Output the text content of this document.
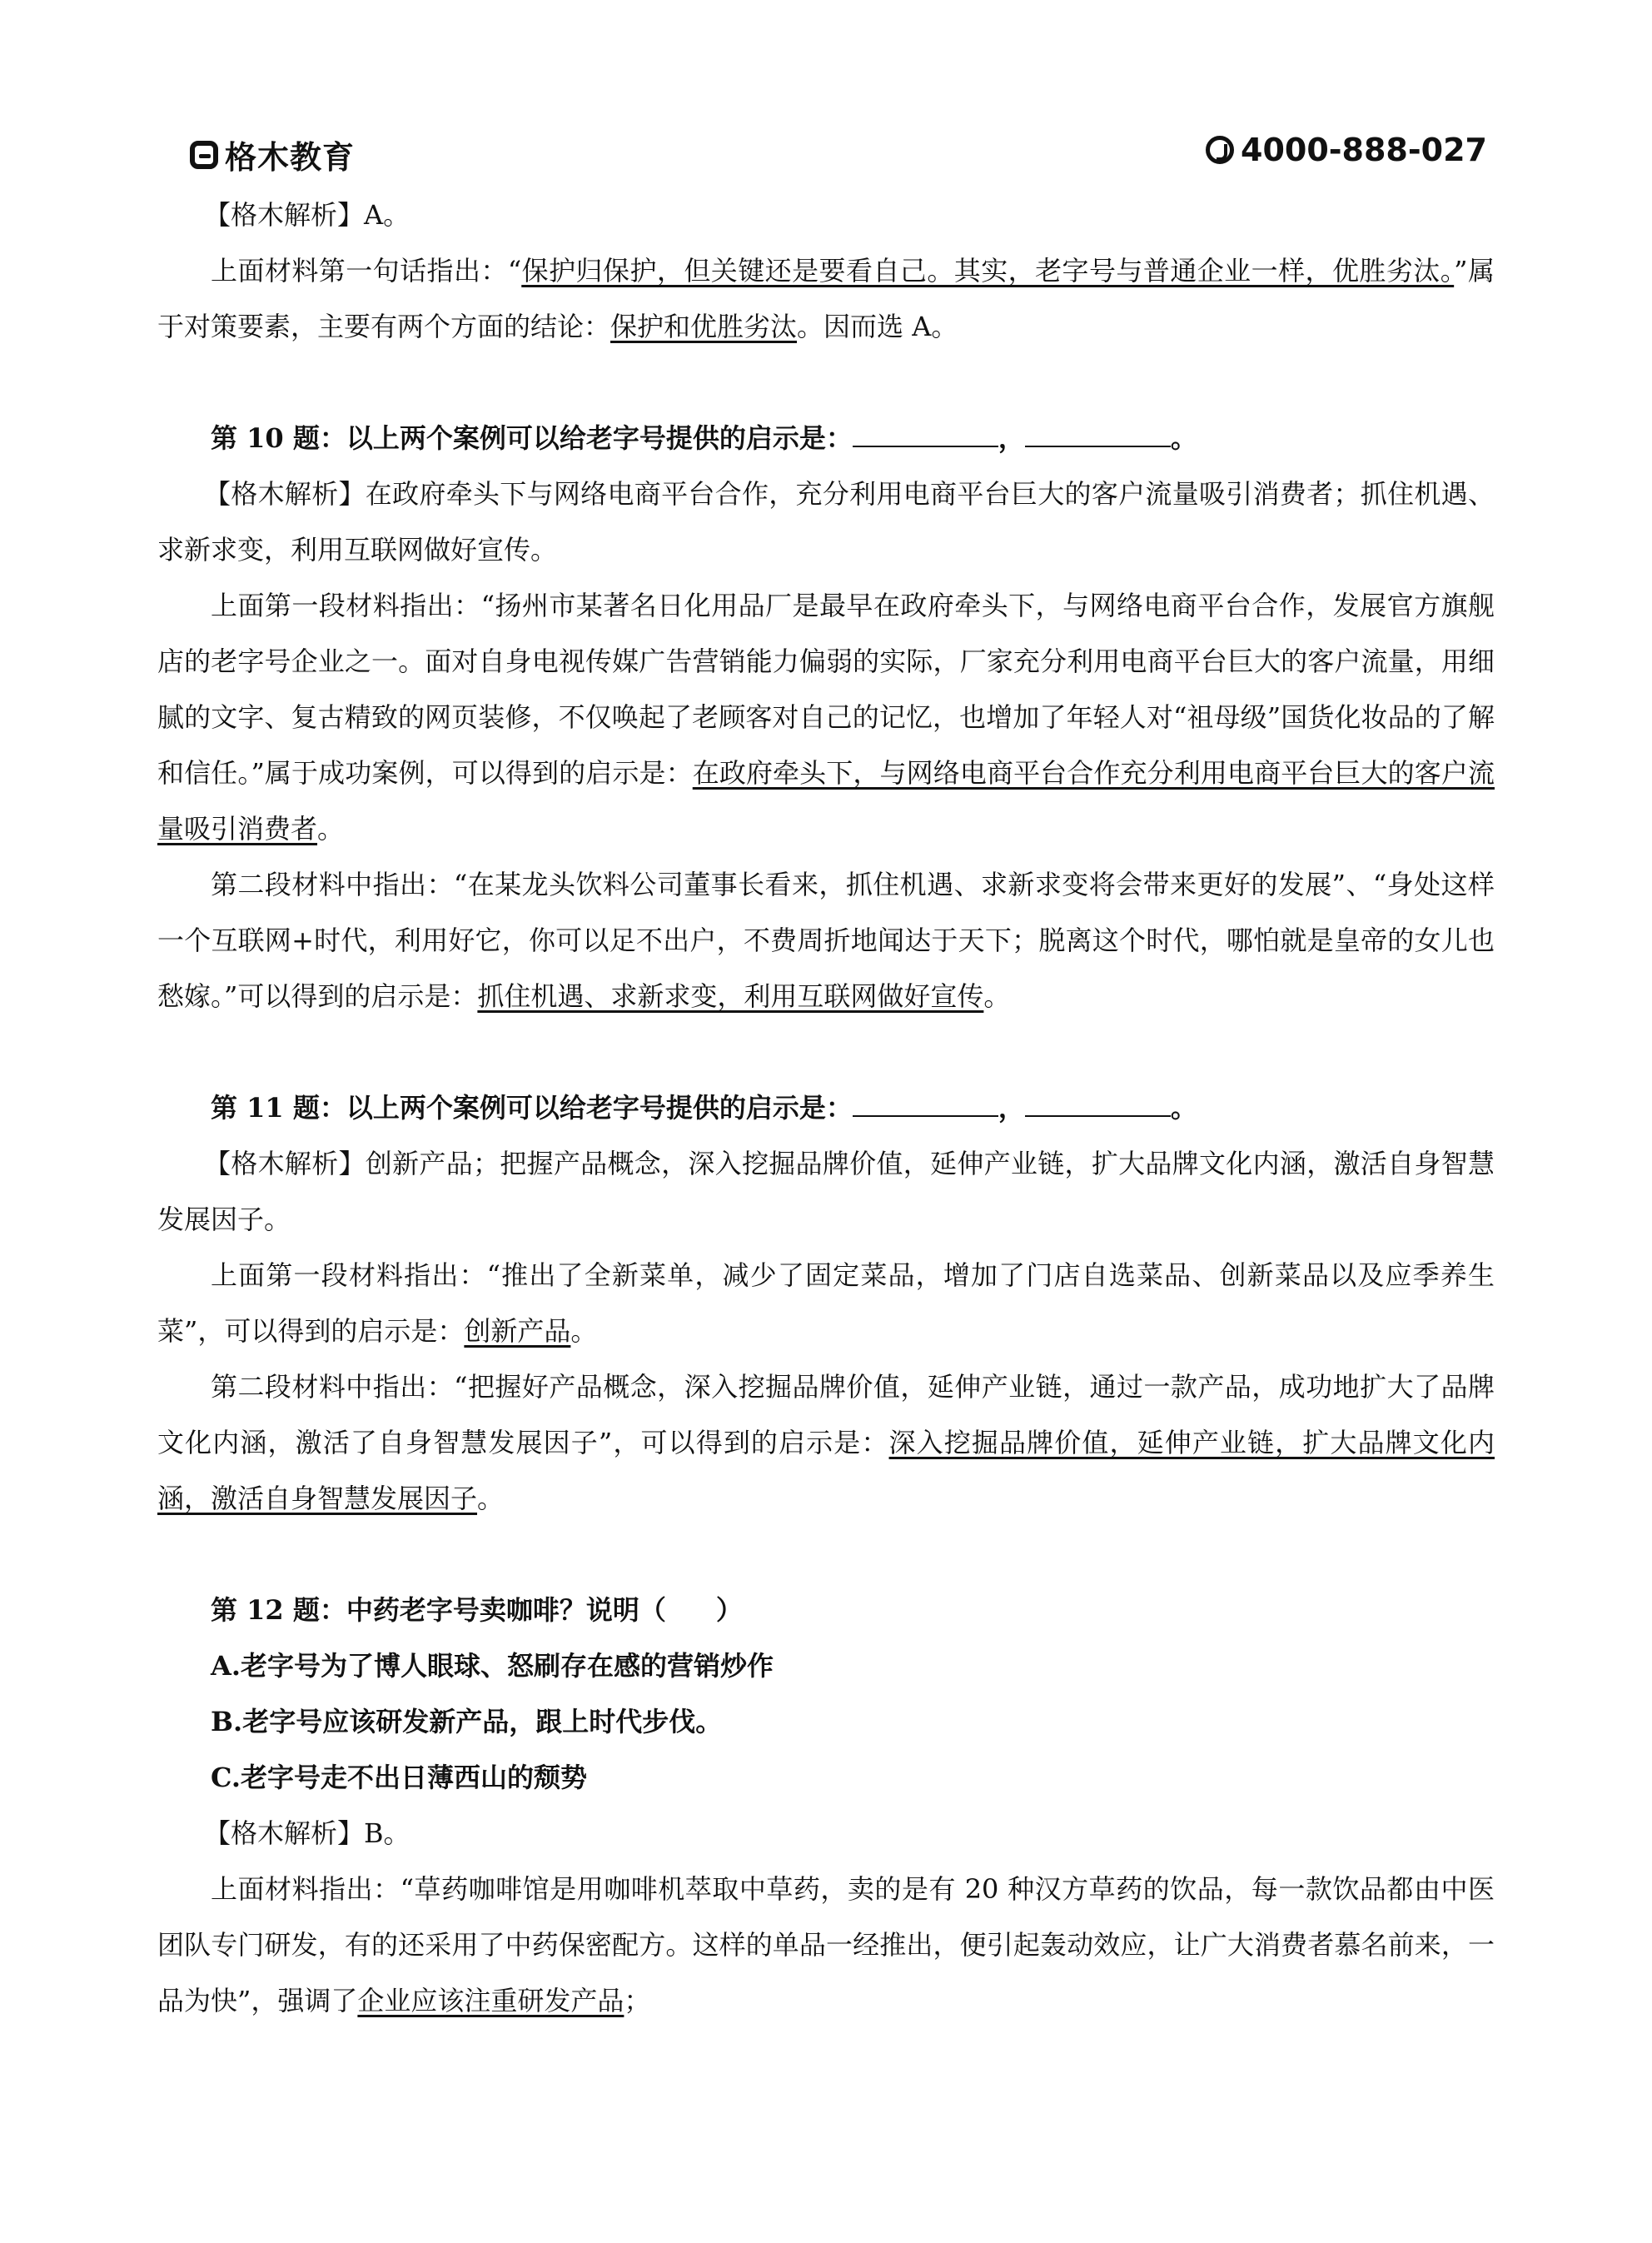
格木教育	4000-888-027

【格木解析】A。

上面材料第一句话指出：“保护归保护，但关键还是要看自己。其实，老字号与普通企业一样，优胜劣汰。”属于对策要素，主要有两个方面的结论：保护和优胜劣汰。因而选 A。

第 10 题：以上两个案例可以给老字号提供的启示是：	，	。

【格木解析】在政府牵头下与网络电商平台合作，充分利用电商平台巨大的客户流量吸引消费者；抓住机遇、求新求变，利用互联网做好宣传。

上面第一段材料指出：“扬州市某著名日化用品厂是最早在政府牵头下，与网络电商平台合作，发展官方旗舰店的老字号企业之一。面对自身电视传媒广告营销能力偏弱的实际，厂家充分利用电商平台巨大的客户流量，用细腻的文字、复古精致的网页装修，不仅唤起了老顾客对自己的记忆，也增加了年轻人对“祖母级”国货化妆品的了解和信任。”属于成功案例，可以得到的启示是：在政府牵头下，与网络电商平台合作充分利用电商平台巨大的客户流量吸引消费者。

第二段材料中指出：“在某龙头饮料公司董事长看来，抓住机遇、求新求变将会带来更好的发展”、“身处这样一个互联网+时代，利用好它，你可以足不出户，不费周折地闻达于天下；脱离这个时代，哪怕就是皇帝的女儿也愁嫁。”可以得到的启示是：抓住机遇、求新求变，利用互联网做好宣传。

第 11 题：以上两个案例可以给老字号提供的启示是：	，	。

【格木解析】创新产品；把握产品概念，深入挖掘品牌价值，延伸产业链，扩大品牌文化内涵，激活自身智慧发展因子。

上面第一段材料指出：“推出了全新菜单，减少了固定菜品，增加了门店自选菜品、创新菜品以及应季养生菜”，可以得到的启示是：创新产品。

第二段材料中指出：“把握好产品概念，深入挖掘品牌价值，延伸产业链，通过一款产品，成功地扩大了品牌文化内涵，激活了自身智慧发展因子”，可以得到的启示是：深入挖掘品牌价值，延伸产业链，扩大品牌文化内涵，激活自身智慧发展因子。

第 12 题：中药老字号卖咖啡？说明（ ）

A.老字号为了博人眼球、怒刷存在感的营销炒作

B.老字号应该研发新产品，跟上时代步伐。

C.老字号走不出日薄西山的颓势

【格木解析】B。

上面材料指出：“草药咖啡馆是用咖啡机萃取中草药，卖的是有 20 种汉方草药的饮品，每一款饮品都由中医团队专门研发，有的还采用了中药保密配方。这样的单品一经推出，便引起轰动效应，让广大消费者慕名前来，一品为快”，强调了企业应该注重研发产品；
